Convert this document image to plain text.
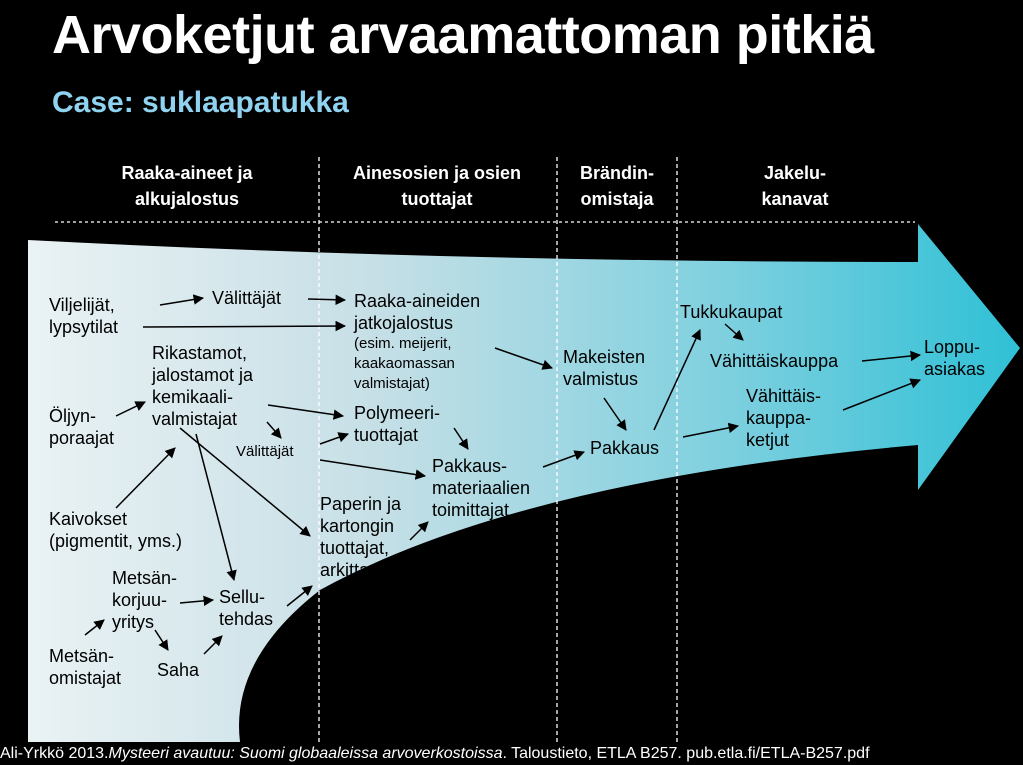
Arvoketjut arvaamattoman pitkiä
Case: suklaapatukka
Raaka-aineet ja
alkujalostus
Ainesosien ja osien
tuottajat
Brändin-
omistaja
Jakelu-
kanavat
Viljelijät,
lypsytilat
Välittäjät	Raaka-aineiden
jatkojalostus
(esim. meijerit,
kaakaomassan
valmistajat)
Rikastamot,
jalostamot ja
kemikaali-
valmistajat
Öljyn-
poraajat
Välittäjät
Polymeeri-
tuottajat
Makeisten
valmistus
Pakkaus
Pakkaus-
materiaalien
toimittajat
Kaivokset
(pigmentit, yms.)
Paperin ja
kartongin
tuottajat,
arkittamot
Metsän-
korjuu-
yritys
Sellu-
tehdas
Metsän-
omistajat Saha
Tukkukaupat
Vähittäiskauppa
Vähittäis-
kauppa-
ketjut
Loppu-
asiakas
Ali-Yrkkö 2013.Mysteeri avautuu: Suomi globaaleissa arvoverkostoissa. Taloustieto, ETLA B257. pub.etla.fi/ETLA-B257.pdf
